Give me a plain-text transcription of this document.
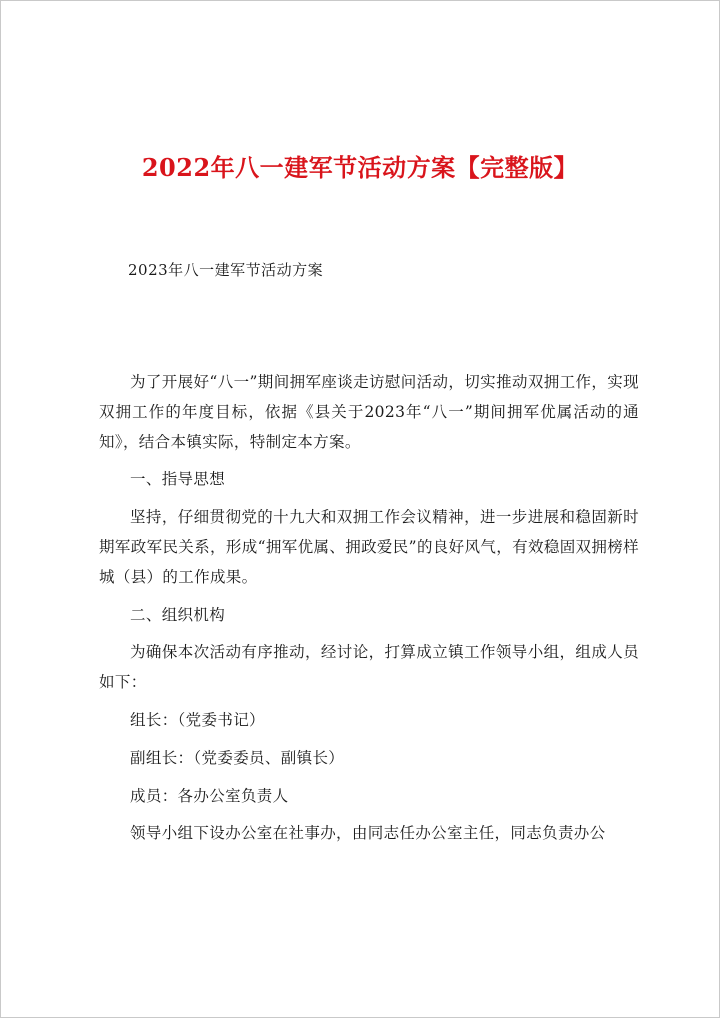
2022年八一建军节活动方案【完整版】

2023年八一建军节活动方案

为了开展好“八一”期间拥军座谈走访慰问活动，切实推动双拥工作，实现双拥工作的年度目标，依据《县关于2023年“八一”期间拥军优属活动的通知》，结合本镇实际，特制定本方案。

一、指导思想

坚持，仔细贯彻党的十九大和双拥工作会议精神，进一步进展和稳固新时期军政军民关系，形成“拥军优属、拥政爱民”的良好风气，有效稳固双拥榜样城（县）的工作成果。

二、组织机构

为确保本次活动有序推动，经讨论，打算成立镇工作领导小组，组成人员如下：

组长：（党委书记）

副组长：（党委委员、副镇长）

成员：各办公室负责人

领导小组下设办公室在社事办，由同志任办公室主任，同志负责办公
